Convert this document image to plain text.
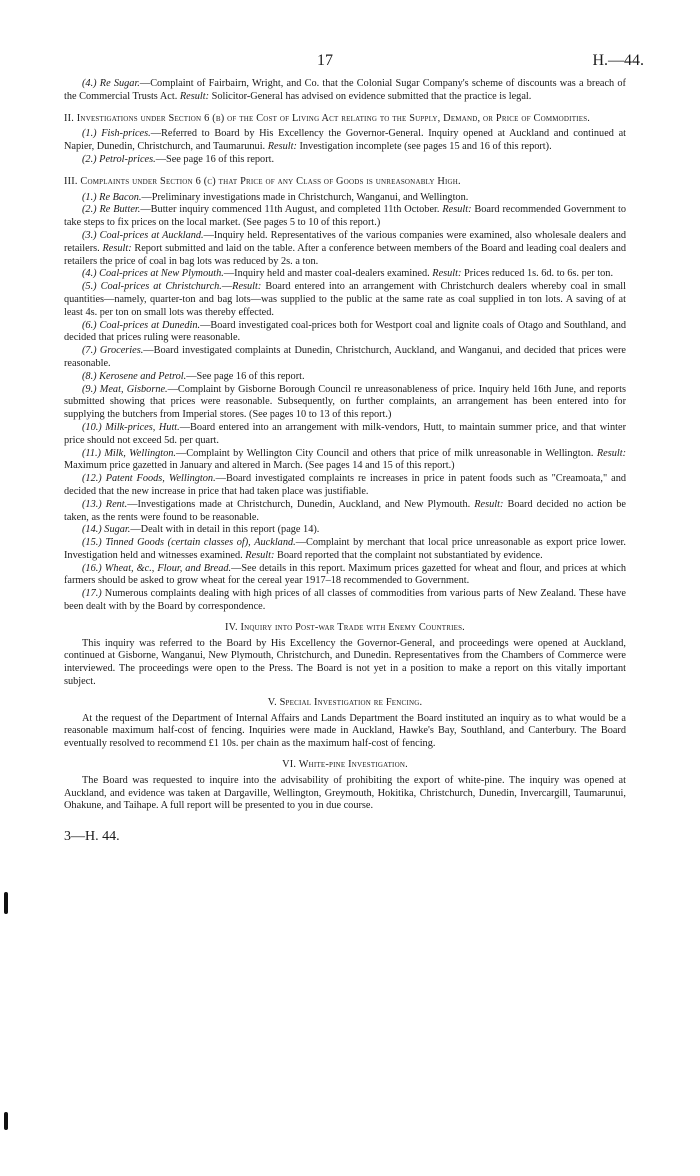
17	H.—44.

(4.) Re Sugar.—Complaint of Fairbairn, Wright, and Co. that the Colonial Sugar Company's scheme of discounts was a breach of the Commercial Trusts Act. Result: Solicitor-General has advised on evidence submitted that the practice is legal.

II. Investigations under Section 6 (b) of the Cost of Living Act relating to the Supply, Demand, or Price of Commodities.

(1.) Fish-prices.—Referred to Board by His Excellency the Governor-General. Inquiry opened at Auckland and continued at Napier, Dunedin, Christchurch, and Taumarunui. Result: Investigation incomplete (see pages 15 and 16 of this report).

(2.) Petrol-prices.—See page 16 of this report.

III. Complaints under Section 6 (c) that Price of any Class of Goods is unreasonably High.

(1.) Re Bacon.—Preliminary investigations made in Christchurch, Wanganui, and Wellington.

(2.) Re Butter.—Butter inquiry commenced 11th August, and completed 11th October. Result: Board recommended Government to take steps to fix prices on the local market. (See pages 5 to 10 of this report.)

(3.) Coal-prices at Auckland.—Inquiry held. Representatives of the various companies were examined, also wholesale dealers and retailers. Result: Report submitted and laid on the table. After a conference between members of the Board and leading coal dealers and retailers the price of coal in bag lots was reduced by 2s. a ton.

(4.) Coal-prices at New Plymouth.—Inquiry held and master coal-dealers examined. Result: Prices reduced 1s. 6d. to 6s. per ton.

(5.) Coal-prices at Christchurch.—Result: Board entered into an arrangement with Christchurch dealers whereby coal in small quantities—namely, quarter-ton and bag lots—was supplied to the public at the same rate as coal supplied in ton lots. A saving of at least 4s. per ton on small lots was thereby effected.

(6.) Coal-prices at Dunedin.—Board investigated coal-prices both for Westport coal and lignite coals of Otago and Southland, and decided that prices ruling were reasonable.

(7.) Groceries.—Board investigated complaints at Dunedin, Christchurch, Auckland, and Wanganui, and decided that prices were reasonable.

(8.) Kerosene and Petrol.—See page 16 of this report.

(9.) Meat, Gisborne.—Complaint by Gisborne Borough Council re unreasonableness of price. Inquiry held 16th June, and reports submitted showing that prices were reasonable. Subsequently, on further complaints, an arrangement has been entered into for supplying the butchers from Imperial stores. (See pages 10 to 13 of this report.)

(10.) Milk-prices, Hutt.—Board entered into an arrangement with milk-vendors, Hutt, to maintain summer price, and that winter price should not exceed 5d. per quart.

(11.) Milk, Wellington.—Complaint by Wellington City Council and others that price of milk unreasonable in Wellington. Result: Maximum price gazetted in January and altered in March. (See pages 14 and 15 of this report.)

(12.) Patent Foods, Wellington.—Board investigated complaints re increases in price in patent foods such as "Creamoata," and decided that the new increase in price that had taken place was justifiable.

(13.) Rent.—Investigations made at Christchurch, Dunedin, Auckland, and New Plymouth. Result: Board decided no action be taken, as the rents were found to be reasonable.

(14.) Sugar.—Dealt with in detail in this report (page 14).

(15.) Tinned Goods (certain classes of), Auckland.—Complaint by merchant that local price unreasonable as export price lower. Investigation held and witnesses examined. Result: Board reported that the complaint not substantiated by evidence.

(16.) Wheat, &c., Flour, and Bread.—See details in this report. Maximum prices gazetted for wheat and flour, and prices at which farmers should be asked to grow wheat for the cereal year 1917–18 recommended to Government.

(17.) Numerous complaints dealing with high prices of all classes of commodities from various parts of New Zealand. These have been dealt with by the Board by correspondence.

IV. Inquiry into Post-war Trade with Enemy Countries.

This inquiry was referred to the Board by His Excellency the Governor-General, and proceedings were opened at Auckland, continued at Gisborne, Wanganui, New Plymouth, Christchurch, and Dunedin. Representatives from the Chambers of Commerce were interviewed. The proceedings were open to the Press. The Board is not yet in a position to make a report on this vitally important subject.

V. Special Investigation re Fencing.

At the request of the Department of Internal Affairs and Lands Department the Board instituted an inquiry as to what would be a reasonable maximum half-cost of fencing. Inquiries were made in Auckland, Hawke's Bay, Southland, and Canterbury. The Board eventually resolved to recommend £1 10s. per chain as the maximum half-cost of fencing.

VI. White-pine Investigation.

The Board was requested to inquire into the advisability of prohibiting the export of white-pine. The inquiry was opened at Auckland, and evidence was taken at Dargaville, Wellington, Greymouth, Hokitika, Christchurch, Dunedin, Invercargill, Taumarunui, Ohakune, and Taihape. A full report will be presented to you in due course.

3—H. 44.
